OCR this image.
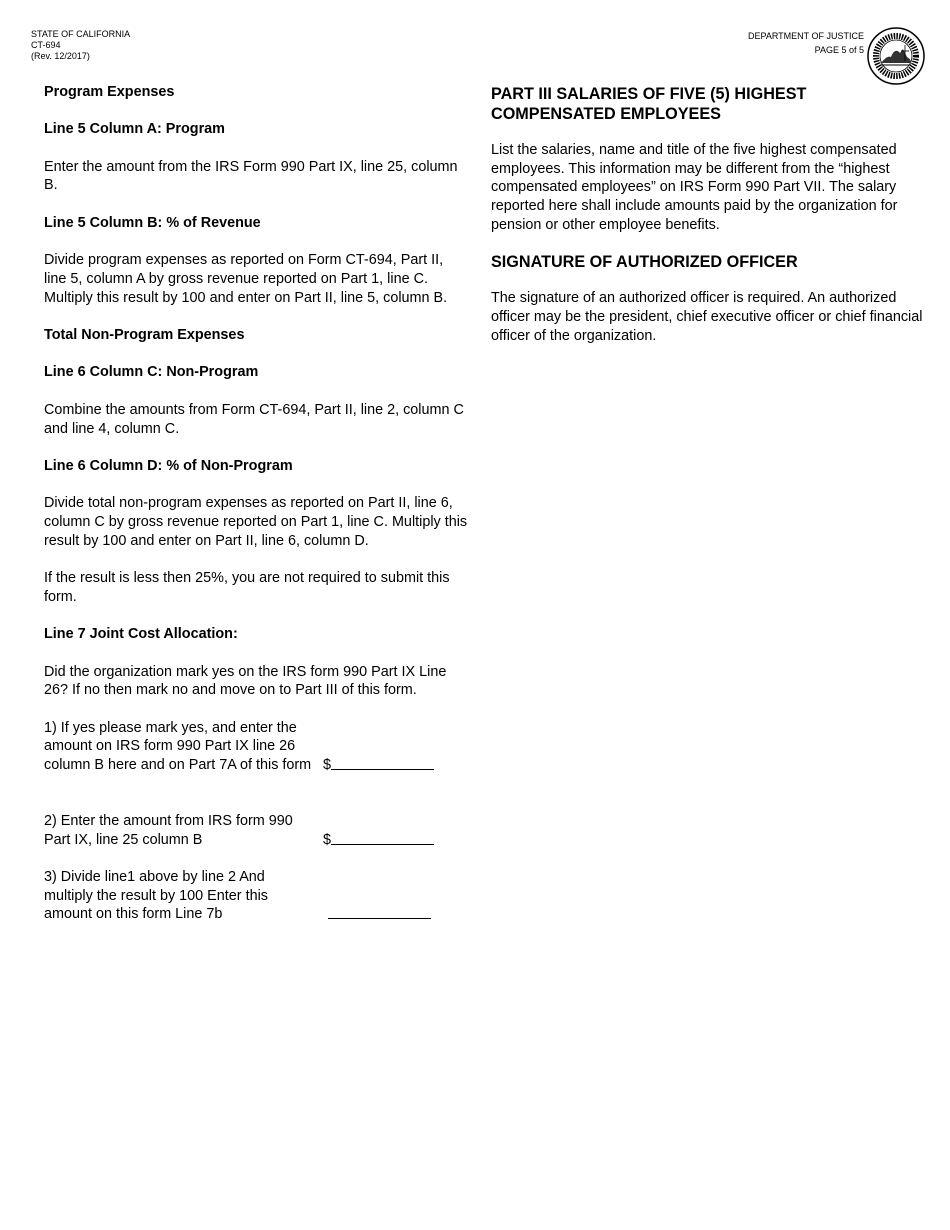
STATE OF CALIFORNIA
CT-694
(Rev. 12/2017)
DEPARTMENT OF JUSTICE
PAGE 5 of 5

Program Expenses

Line 5 Column A: Program

Enter the amount from the IRS Form 990 Part IX, line 25, column B.

Line 5 Column B: % of Revenue

Divide program expenses as reported on Form CT-694, Part II, line 5, column A by gross revenue reported on Part 1, line C. Multiply this result by 100 and enter on Part II, line 5, column B.

Total Non-Program Expenses

Line 6 Column C: Non-Program

Combine the amounts from Form CT-694, Part II, line 2, column C and line 4, column C.

Line 6 Column D: % of Non-Program

Divide total non-program expenses as reported on Part II, line 6, column C by gross revenue reported on Part 1, line C. Multiply this result by 100 and enter on Part II, line 6, column D.

If the result is less then 25%, you are not required to submit this form.

Line 7 Joint Cost Allocation:

Did the organization mark yes on the IRS form 990 Part IX Line 26? If no then mark no and move on to Part III of this form.

1) If yes please mark yes, and enter the amount on IRS form 990 Part IX line 26 column B here and on Part 7A of this form $
2) Enter the amount from IRS form 990 Part IX, line 25 column B	$
3) Divide line1 above by line 2 And multiply the result by 100 Enter this amount on this form Line 7b
PART III SALARIES OF FIVE (5) HIGHEST COMPENSATED EMPLOYEES

List the salaries, name and title of the five highest compensated employees. This information may be different from the “highest compensated employees” on IRS Form 990 Part VII. The salary reported here shall include amounts paid by the organization for pension or other employee benefits.

SIGNATURE OF AUTHORIZED OFFICER

The signature of an authorized officer is required. An authorized officer may be the president, chief executive officer or chief financial officer of the organization.
